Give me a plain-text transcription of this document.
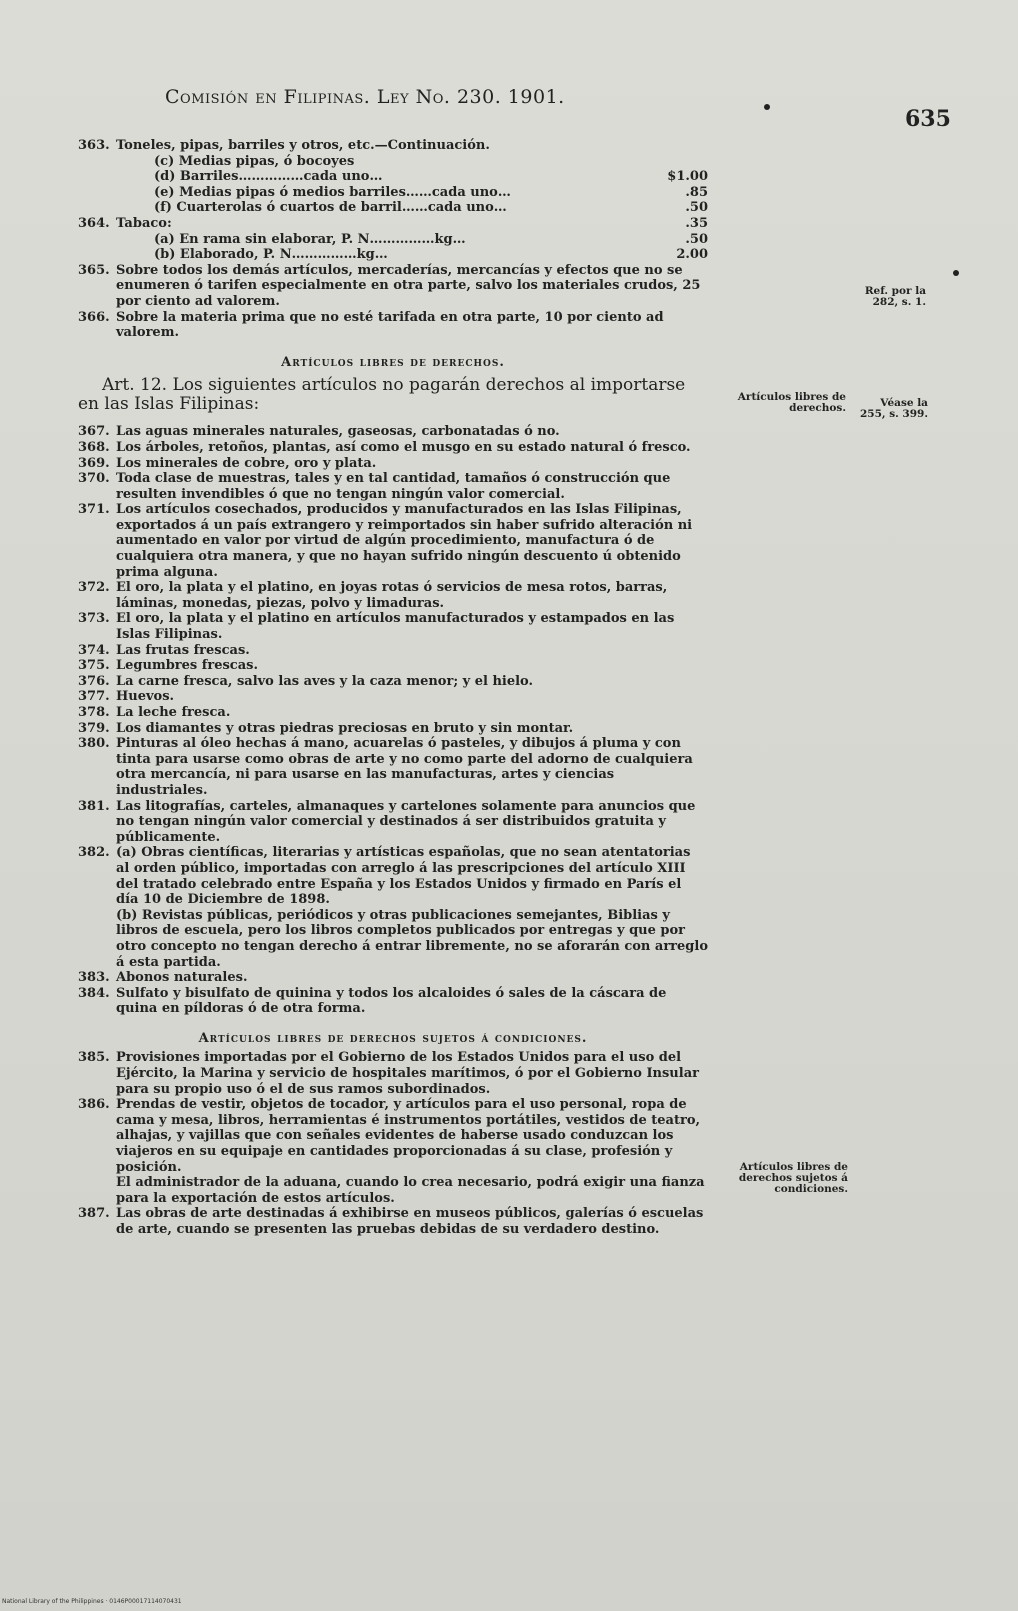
Comisión en Filipinas. Ley No. 230. 1901.
635

363. Toneles, pipas, barriles y otros, etc.—Continuación.

(c) Medias pipas, ó bocoyes
(d) Barriles……………cada uno…	$1.00
(e) Medias pipas ó medios barriles……cada uno…	.85
(f) Cuarterolas ó cuartos de barril……cada uno…	.50

364. Tabaco:	.35

(a) En rama sin elaborar, P. N……………kg…	.50
(b) Elaborado, P. N……………kg…	2.00

365. Sobre todos los demás artículos, mercaderías, mercancías y efectos que no se enumeren ó tarifen especialmente en otra parte, salvo los materiales crudos, 25 por ciento ad valorem.

366. Sobre la materia prima que no esté tarifada en otra parte, 10 por ciento ad valorem.

Artículos libres de derechos.

Art. 12. Los siguientes artículos no pagarán derechos al importarse en las Islas Filipinas:

367. Las aguas minerales naturales, gaseosas, carbonatadas ó no.

368. Los árboles, retoños, plantas, así como el musgo en su estado natural ó fresco.

369. Los minerales de cobre, oro y plata.

370. Toda clase de muestras, tales y en tal cantidad, tamaños ó construcción que resulten invendibles ó que no tengan ningún valor comercial.

371. Los artículos cosechados, producidos y manufacturados en las Islas Filipinas, exportados á un país extrangero y reimportados sin haber sufrido alteración ni aumentado en valor por virtud de algún procedimiento, manufactura ó de cualquiera otra manera, y que no hayan sufrido ningún descuento ú obtenido prima alguna.

372. El oro, la plata y el platino, en joyas rotas ó servicios de mesa rotos, barras, láminas, monedas, piezas, polvo y limaduras.

373. El oro, la plata y el platino en artículos manufacturados y estampados en las Islas Filipinas.

374. Las frutas frescas.

375. Legumbres frescas.

376. La carne fresca, salvo las aves y la caza menor; y el hielo.

377. Huevos.

378. La leche fresca.

379. Los diamantes y otras piedras preciosas en bruto y sin montar.

380. Pinturas al óleo hechas á mano, acuarelas ó pasteles, y dibujos á pluma y con tinta para usarse como obras de arte y no como parte del adorno de cualquiera otra mercancía, ni para usarse en las manufacturas, artes y ciencias industriales.

381. Las litografías, carteles, almanaques y cartelones solamente para anuncios que no tengan ningún valor comercial y destinados á ser distribuidos gratuita y públicamente.

382. (a) Obras científicas, literarias y artísticas españolas, que no sean atentatorias al orden público, importadas con arreglo á las prescripciones del artículo XIII del tratado celebrado entre España y los Estados Unidos y firmado en París el día 10 de Diciembre de 1898.

(b) Revistas públicas, periódicos y otras publicaciones semejantes, Biblias y libros de escuela, pero los libros completos publicados por entregas y que por otro concepto no tengan derecho á entrar libremente, no se aforarán con arreglo á esta partida.

383. Abonos naturales.

384. Sulfato y bisulfato de quinina y todos los alcaloides ó sales de la cáscara de quina en píldoras ó de otra forma.

Artículos libres de derechos sujetos á condiciones.

385. Provisiones importadas por el Gobierno de los Estados Unidos para el uso del Ejército, la Marina y servicio de hospitales marítimos, ó por el Gobierno Insular para su propio uso ó el de sus ramos subordinados.

386. Prendas de vestir, objetos de tocador, y artículos para el uso personal, ropa de cama y mesa, libros, herramientas é instrumentos portátiles, vestidos de teatro, alhajas, y vajillas que con señales evidentes de haberse usado conduzcan los viajeros en su equipaje en cantidades proporcionadas á su clase, profesión y posición.

El administrador de la aduana, cuando lo crea necesario, podrá exigir una fianza para la exportación de estos artículos.

387. Las obras de arte destinadas á exhibirse en museos públicos, galerías ó escuelas de arte, cuando se presenten las pruebas debidas de su verdadero destino.

Ref. por la 282, s. 1.
Artículos libres de derechos.	Véase la 255, s. 399.
Artículos libres de derechos sujetos á condiciones.
National Library of the Philippines · 0146P00017114070431
